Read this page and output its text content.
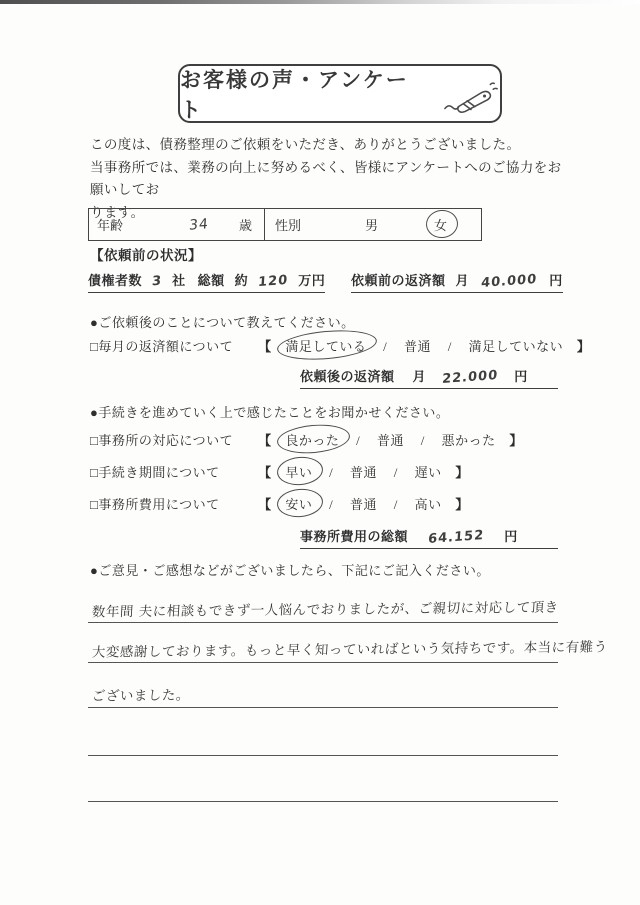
お客様の声・アンケート
この度は、債務整理のご依頼をいただき、ありがとうございました。
当事務所では、業務の向上に努めるべく、皆様にアンケートへのご協力をお願いしてお
ります。
年齢	34 歳 性別	男	女
【依頼前の状況】
債権者数 3 社 総額 約 120 万円
依頼前の返済額 月 40.000 円
●ご依頼後のことについて教えてください。
□毎月の返済額について 【 満足している / 普通 / 満足していない 】
依頼後の返済額 月 22.000 円
●手続きを進めていく上で感じたことをお聞かせください。
□事務所の対応について 【 良かった / 普通 / 悪かった 】
□手続き期間について	【 早い / 普通 / 遅い 】
□事務所費用について	【 安い / 普通 / 高い 】
事務所費用の総額 64.152 円
●ご意見・ご感想などがございましたら、下記にご記入ください。
数年間 夫に相談もできず一人悩んでおりましたが、ご親切に対応して頂き
大変感謝しております。もっと早く知っていればという気持ちです。本当に有難う
ございました。
